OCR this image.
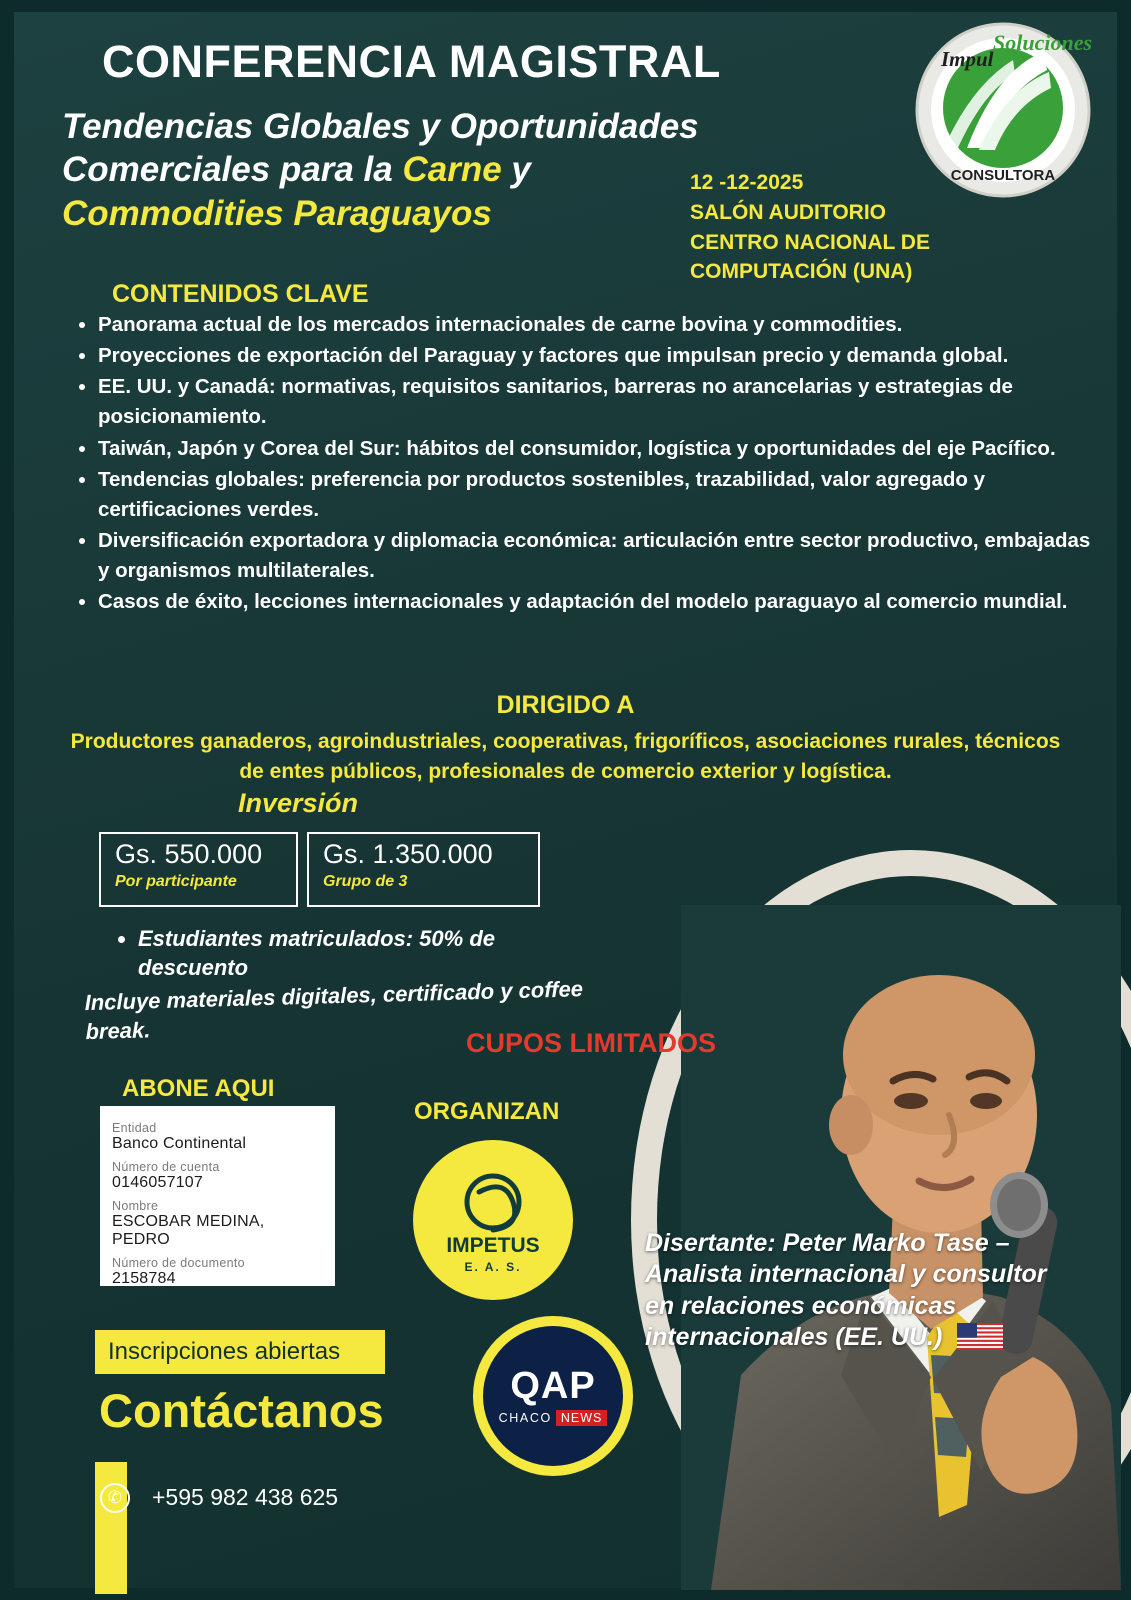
CONFERENCIA MAGISTRAL
Tendencias Globales y Oportunidades
Comerciales para la Carne y
Commodities Paraguayos
12 -12-2025
SALÓN AUDITORIO
CENTRO NACIONAL DE
COMPUTACIÓN (UNA)
CONSULTORA
Impul
Soluciones
CONTENIDOS CLAVE
• Panorama actual de los mercados internacionales de carne bovina y commodities.
• Proyecciones de exportación del Paraguay y factores que impulsan precio y demanda global.
• EE. UU. y Canadá: normativas, requisitos sanitarios, barreras no arancelarias y estrategias de posicionamiento.
• Taiwán, Japón y Corea del Sur: hábitos del consumidor, logística y oportunidades del eje Pacífico.
• Tendencias globales: preferencia por productos sostenibles, trazabilidad, valor agregado y certificaciones verdes.
• Diversificación exportadora y diplomacia económica: articulación entre sector productivo, embajadas y organismos multilaterales.
• Casos de éxito, lecciones internacionales y adaptación del modelo paraguayo al comercio mundial.
DIRIGIDO A
Productores ganaderos, agroindustriales, cooperativas, frigoríficos, asociaciones rurales, técnicos de entes públicos, profesionales de comercio exterior y logística.
Inversión
Gs. 550.000
Por participante
Gs. 1.350.000
Grupo de 3
• Estudiantes matriculados: 50% de descuento
Incluye materiales digitales, certificado y coffee break.	CUPOS LIMITADOS
ABONE AQUI
Entidad
Banco Continental
Número de cuenta
0146057107
Nombre
ESCOBAR MEDINA, PEDRO
Número de documento
2158784
ORGANIZAN
IMPETUS
E. A. S.
QAP
CHACO NEWS
Inscripciones abiertas
Contáctanos
✆	+595 982 438 625
Disertante: Peter Marko Tase – Analista internacional y consultor en relaciones económicas internacionales (EE. UU.)
